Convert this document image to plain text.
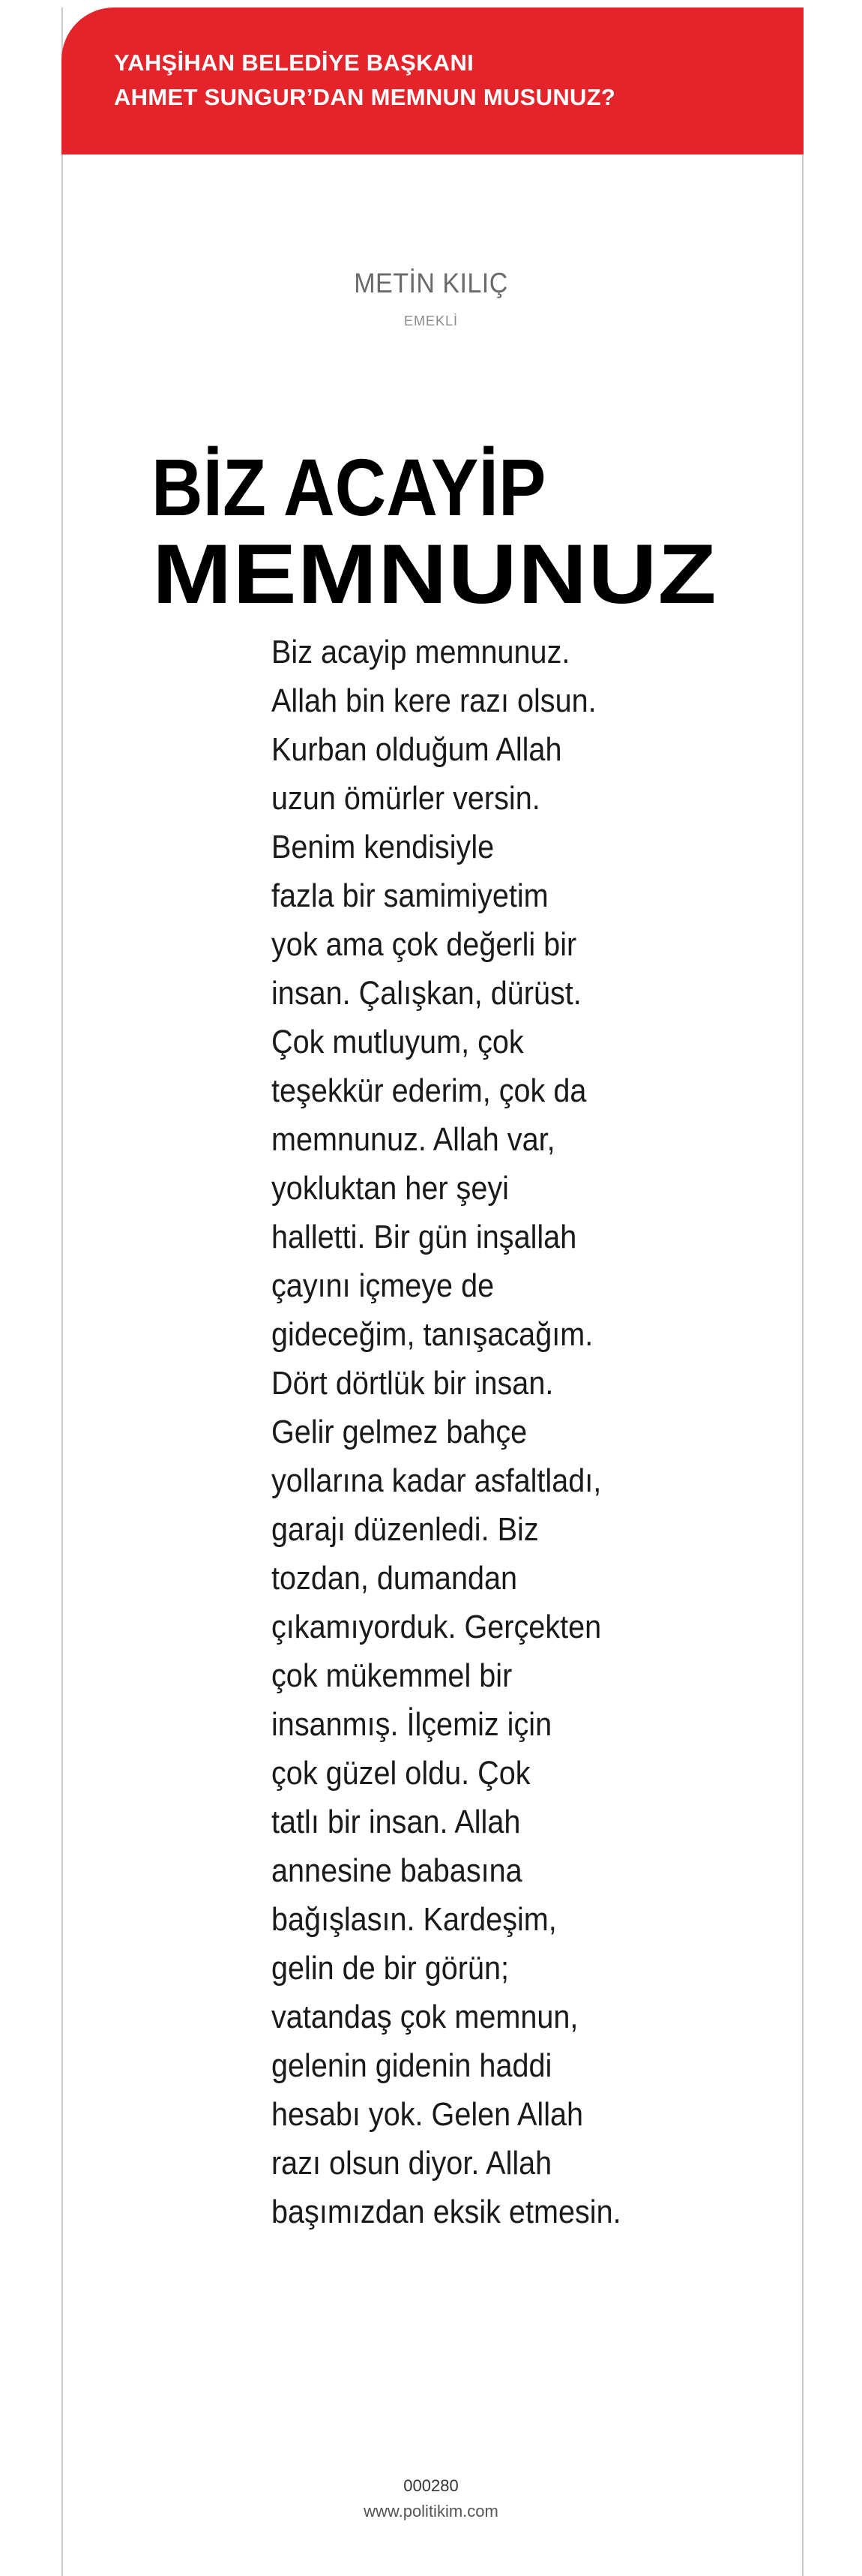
YAHŞİHAN BELEDİYE BAŞKANI
AHMET SUNGUR’DAN MEMNUN MUSUNUZ?
METİN KILIÇ
EMEKLİ
BİZ ACAYİP
MEMNUNUZ
Biz acayip memnunuz.
Allah bin kere razı olsun.
Kurban olduğum Allah
uzun ömürler versin.
Benim kendisiyle
fazla bir samimiyetim
yok ama çok değerli bir
insan. Çalışkan, dürüst.
Çok mutluyum, çok
teşekkür ederim, çok da
memnunuz. Allah var,
yokluktan her şeyi
halletti. Bir gün inşallah
çayını içmeye de
gideceğim, tanışacağım.
Dört dörtlük bir insan.
Gelir gelmez bahçe
yollarına kadar asfaltladı,
garajı düzenledi. Biz
tozdan, dumandan
çıkamıyorduk. Gerçekten
çok mükemmel bir
insanmış. İlçemiz için
çok güzel oldu. Çok
tatlı bir insan. Allah
annesine babasına
bağışlasın. Kardeşim,
gelin de bir görün;
vatandaş çok memnun,
gelenin gidenin haddi
hesabı yok. Gelen Allah
razı olsun diyor. Allah
başımızdan eksik etmesin.
000280
www.politikim.com
